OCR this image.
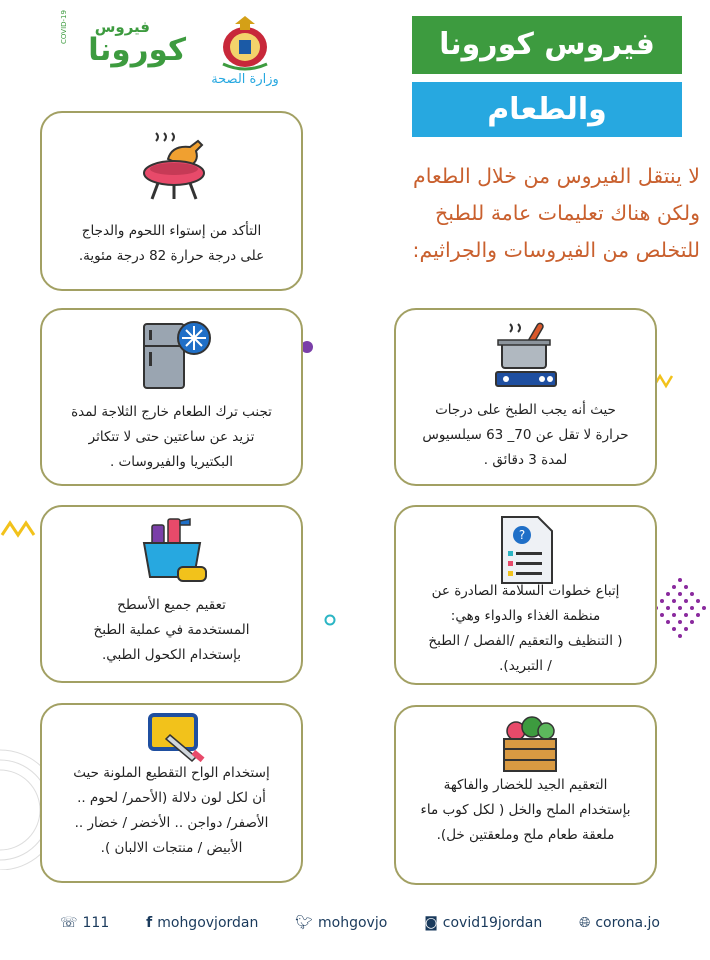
فيروس
كورونا
COVID-19
وزارة الصحة
فيروس كورونا
والطعام
لا ينتقل الفيروس من خلال الطعام
ولكن هناك تعليمات عامة للطبخ
للتخلص من الفيروسات والجراثيم:
التأكد من إستواء اللحوم والدجاج
على درجة حرارة 82 درجة مئوية.
تجنب ترك الطعام خارج الثلاجة لمدة
تزيد عن ساعتين حتى لا تتكاثر
البكتيريا والفيروسات .
حيث أنه يجب الطبخ على درجات
حرارة لا تقل عن 70_ 63 سيلسيوس
لمدة 3 دقائق .
تعقيم جميع الأسطح
المستخدمة في عملية الطبخ
بإستخدام الكحول الطبي.
?
إتباع خطوات السلامة الصادرة عن
منظمة الغذاء والدواء وهي:
( التنظيف والتعقيم /الفصل / الطبخ
/ التبريد).
إستخدام الواح التقطيع الملونة حيث
أن لكل لون دلالة (الأحمر/ لحوم ..
الأصفر/ دواجن .. الأخضر / خضار ..
الأبيض / منتجات الالبان ).
التعقيم الجيد للخضار والفاكهة
بإستخدام الملح والخل ( لكل كوب ماء
ملعقة طعام ملح وملعقتين خل).
☏ 111	f mohgovjordan	🐦︎ mohgovjo	◙ covid19jordan	🌐︎ corona.jo
